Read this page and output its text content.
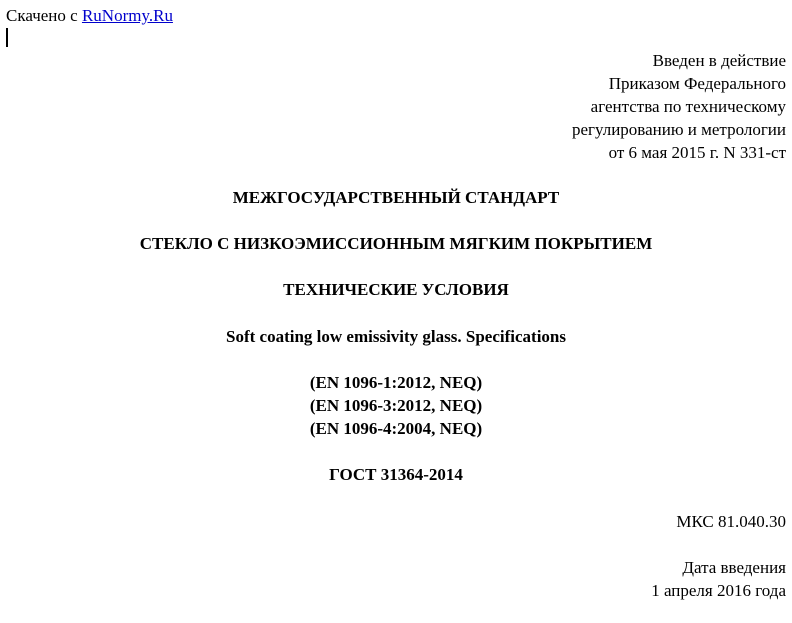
Скачено с RuNormy.Ru
Введен в действие
Приказом Федерального
агентства по техническому
регулированию и метрологии
от 6 мая 2015 г. N 331-ст
МЕЖГОСУДАРСТВЕННЫЙ СТАНДАРТ
СТЕКЛО С НИЗКОЭМИССИОННЫМ МЯГКИМ ПОКРЫТИЕМ
ТЕХНИЧЕСКИЕ УСЛОВИЯ
Soft coating low emissivity glass. Specifications
(EN 1096-1:2012, NEQ)
(EN 1096-3:2012, NEQ)
(EN 1096-4:2004, NEQ)
ГОСТ 31364-2014
МКС 81.040.30
Дата введения
1 апреля 2016 года
